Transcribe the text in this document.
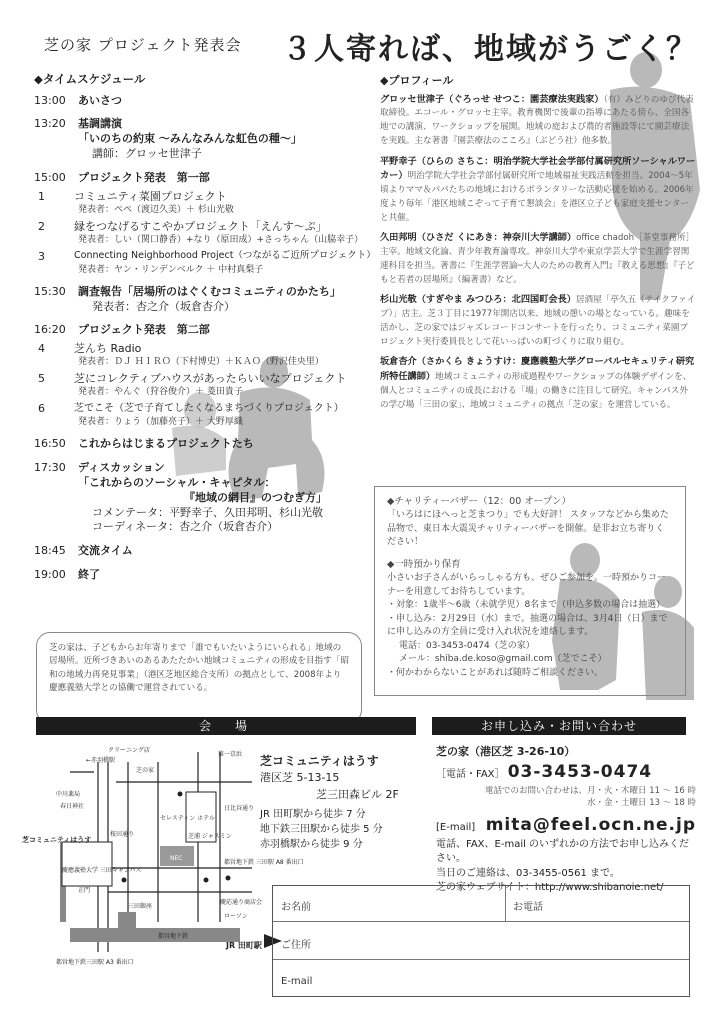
芝の家 プロジェクト発表会 ３人寄れば、地域がうごく？
◆タイムスケジュール
13:00	あいさつ
13:20	基調講演
「いのちの約束 〜みんなみんな虹色の種〜」
講師：グロッセ世津子
15:00	プロジェクト発表　第一部
1	コミュニティ菜園プロジェクト
発表者：ペペ（渡辺久美）＋ 杉山光敬
2	縁をつなげるすこやかプロジェクト「えんす〜ぷ」
発表者：しい（関口静香）+なり（原田成）+さっちゃん（山脇幸子）
3	Connecting Neighborhood Project（つながるご近所プロジェクト）
発表者：ヤン・リンデンベルク ＋ 中村真梨子
15:30	調査報告「居場所のはぐくむコミュニティのかたち」
発表者：杏之介（坂倉杏介）
16:20	プロジェクト発表　第二部
4	芝んち Radio
発表者：ＤＪ ＨＩＲＯ（下村博史）＋ＫＡＯ（野沢佳央里）
5	芝にコレクティブハウスがあったらいいなプロジェクト
発表者：やんぐ（狩谷俊介）＋ 菱田貴子
6	芝でこそ（芝で子育てしたくなるまちづくりプロジェクト）
発表者：りょう（加藤亮子）＋ 大野厚織
16:50	これからはじまるプロジェクトたち
17:30	ディスカッション
「これからのソーシャル・キャピタル：
『地域の網目』のつむぎ方」
コメンテータ：平野幸子、久田邦明、杉山光敬
コーディネータ：杏之介（坂倉杏介）
18:45	交流タイム
19:00	終了
芝の家は、子どもからお年寄りまで「誰でもいたいようにいられる」地域の居場所。近所づきあいのあるあたたかい地域コミュニティの形成を目指す「昭和の地域力再発見事業」（港区芝地区総合支所）の拠点として、2008年より慶應義塾大学との協働で運営されている。
◆プロフィール
グロッセ世津子（ぐろっせ せつこ：園芸療法実践家）（有）みどりのゆび代表取締役。エコール・グロッセ主宰。教育機関で後輩の指導にあたる傍ら、全国各地での講演、ワークショップを展開。地域の庭および農的者施設等にて園芸療法を実践。主な著書『園芸療法のこころ』（ぶどう社）他多数。
平野幸子（ひらの さちこ：明治学院大学社会学部付属研究所ソーシャルワーカー）明治学院大学社会学部付属研究所で地域福祉実践活動を担当。2004〜5年頃よりママ＆パパたちの地域におけるボランタリーな活動応援を始める。2006年度より毎年「港区地域こぞって子育て懇談会」を港区立子ども家庭支援センターと共催。
久田邦明（ひさだ くにあき：神奈川大学講師）office chadoh［茶堂事務所］主宰。地域文化論、青少年教育論専攻。神奈川大学や東京学芸大学で生涯学習関連科目を担当。著書に『生涯学習論─大人のための教育入門』『教える思想』『子どもと若者の居場所』（編著書）など。
杉山光敬（すぎやま みつひろ：北四国町会長）居酒屋「亭久五（テイクファイブ）」店主。芝３丁目に1977年開店以来、地域の憩いの場となっている。趣味を活かし、芝の家ではジャズレコードコンサートを行ったり、コミュニティ菜園プロジェクト実行委員長として花いっぱいの町づくりに取り組む。
坂倉杏介（さかくら きょうすけ：慶應義塾大学グローバルセキュリティ研究所特任講師）地域コミュニティの形成過程やワークショップの体験デザインを、個人とコミュニティの成長における「場」の働きに注目して研究。キャンパス外の学び場「三田の家」、地域コミュニティの拠点「芝の家」を運営している。
◆チャリティーバザー（12：00 オープン）
「いろはにほへっと芝まつり」でも大好評！ スタッフなどから集めた品物で、東日本大震災チャリティーバザーを開催。是非お立ち寄りください！
◆一時預かり保育
小さいお子さんがいらっしゃる方も、ぜひご参加を。一時預かりコーナーを用意してお待ちしています。
・対象：1歳半〜6歳（未就学児）8名まで（申込多数の場合は抽選）
・申し込み：2月29日（水）まで。抽選の場合は、3月4日（日）までに申し込みの方全員に受け入れ状況を連絡します。
電話：03-3453-0474（芝の家）
メール：shiba.de.koso@gmail.com（芝でこそ）
・何かわからないことがあれば随時ご相談ください。
会　場	お申し込み・お問い合わせ
←赤羽橋駅
クリーニング店
芝の家
中川薬局
春日神社
桜田通り
セレスティン ホテル
NEC
日比谷通り
第一京浜
都営地下鉄 三田駅 A8 番出口
三田銀座
慶応通り商店会
ローソン
慶應義塾大学 三田キャンパス
正門
都営地下鉄三田駅 A3 番出口
都営地下鉄
芝浦 ジャスミン
芝コミュニティはうす
JR 田町駅
芝コミュニティはうす
港区芝 5-13-15
芝三田森ビル 2F
JR 田町駅から徒歩 7 分
地下鉄三田駅から徒歩 5 分
赤羽橋駅から徒歩 9 分
芝の家（港区芝 3-26-10）
［電話・FAX］ 03-3453-0474
電話でのお問い合わせは、月・火・木曜日 11 〜 16 時
水・金・土曜日 13 〜 18 時
[E-mail] mita@feel.ocn.ne.jp
電話、FAX、E-mail のいずれかの方法でお申し込みください。
当日のご連絡は、03-3455-0561 まで。
芝の家ウェブサイト：http://www.shibanoie.net/
お名前	お電話
ご住所
E-mail
